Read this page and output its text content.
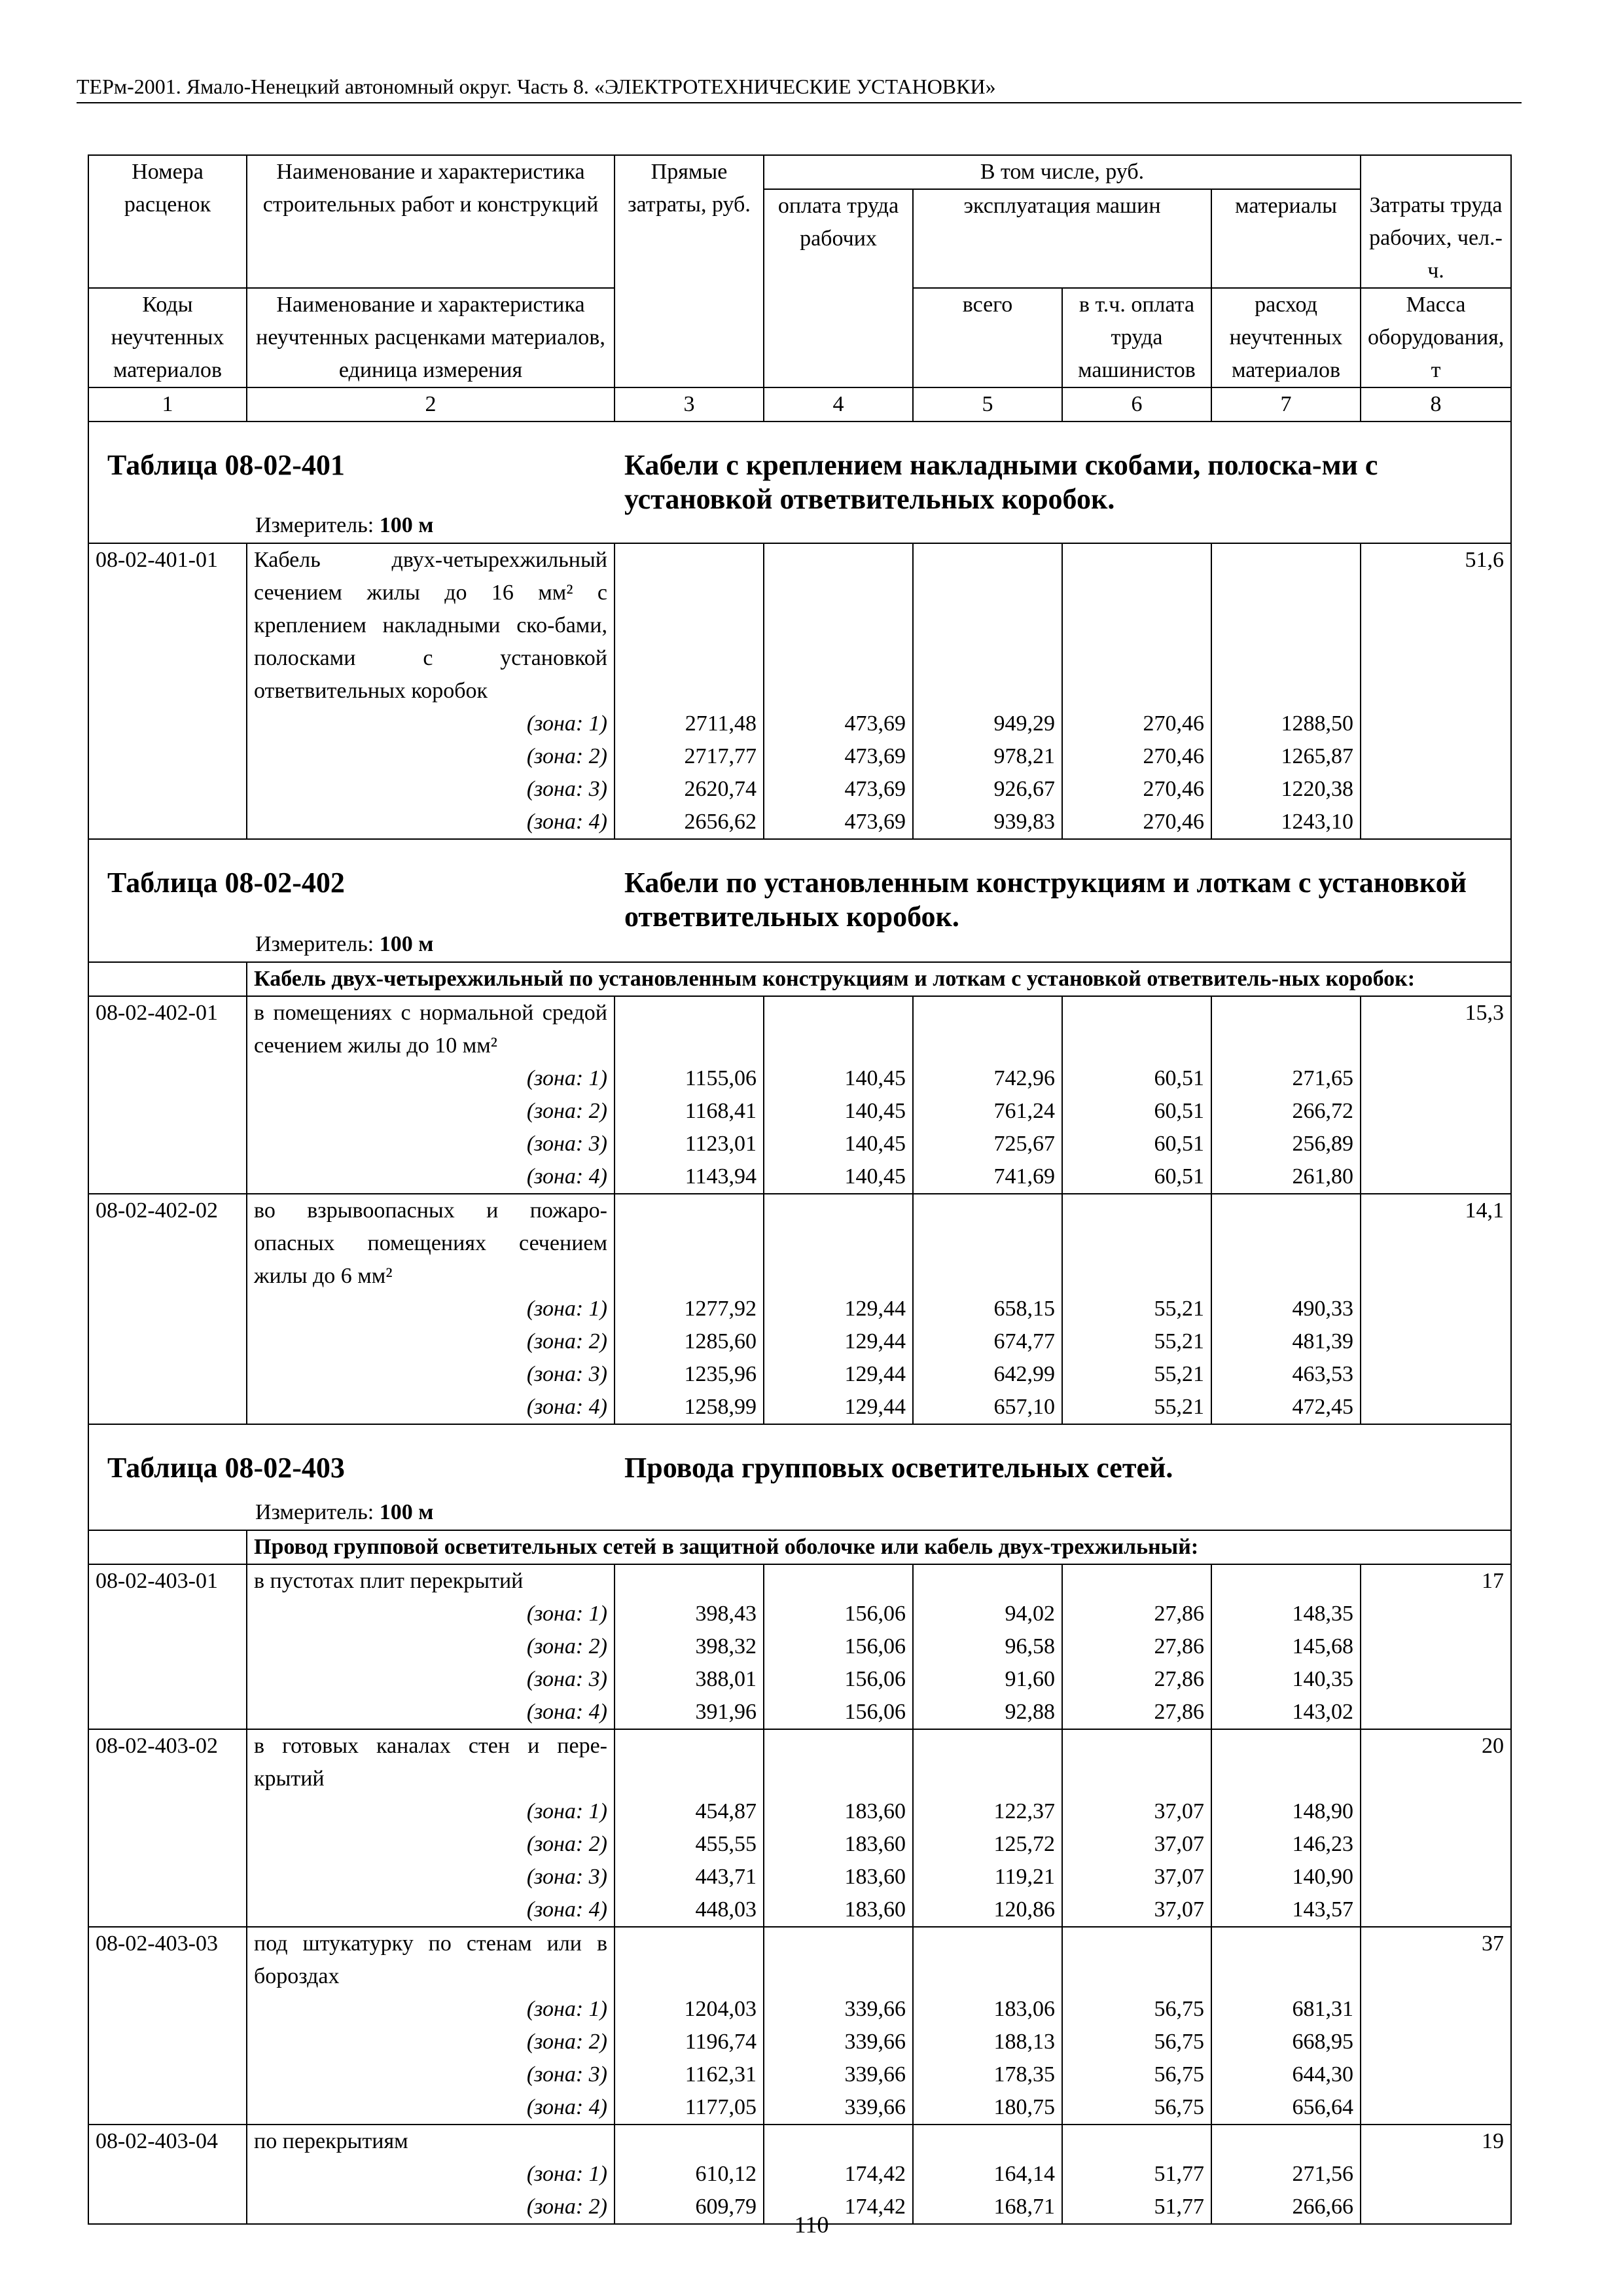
ТЕРм-2001. Ямало-Ненецкий автономный округ. Часть 8. «ЭЛЕКТРОТЕХНИЧЕСКИЕ УСТАНОВКИ»
Номера расценок	Наименование и характеристика строительных работ и конструкций	Прямые затраты, руб.	В том числе, руб.				
			оплата труда рабочих	эксплуатация машин		материалы	Затраты труда рабочих, чел.-ч.
Коды неучтенных материалов	Наименование и характеристика неучтенных расценками материалов, единица измерения			всего	в т.ч. оплата труда машинистов	расход неучтенных материалов	Масса оборудования, т

1	2	3	4	5	6	7	8

Таблица 08-02-401 Кабели с креплением накладными скобами, полоска-ми с установкой ответвительных коробок.
Измеритель: 100 м							

08-02-401-01	Кабель двух-четырехжильный сечением жилы до 16 мм² с креплением накладными ско-бами, полосками с установкой ответвительных коробок						51,6
	(зона: 1)	2711,48	473,69	949,29	270,46	1288,50	
	(зона: 2)	2717,77	473,69	978,21	270,46	1265,87	
	(зона: 3)	2620,74	473,69	926,67	270,46	1220,38	
	(зона: 4)	2656,62	473,69	939,83	270,46	1243,10	

Таблица 08-02-402 Кабели по установленным конструкциям и лоткам с установкой ответвительных коробок.
Измеритель: 100 м							

	Кабель двух-четырехжильный по установленным конструкциям и лоткам с установкой ответвитель-ных коробок:						
08-02-402-01	в помещениях с нормальной средой сечением жилы до 10 мм²						15,3
	(зона: 1)	1155,06	140,45	742,96	60,51	271,65	
	(зона: 2)	1168,41	140,45	761,24	60,51	266,72	
	(зона: 3)	1123,01	140,45	725,67	60,51	256,89	
	(зона: 4)	1143,94	140,45	741,69	60,51	261,80	
08-02-402-02	во взрывоопасных и пожаро-опасных помещениях сечением жилы до 6 мм²						14,1
	(зона: 1)	1277,92	129,44	658,15	55,21	490,33	
	(зона: 2)	1285,60	129,44	674,77	55,21	481,39	
	(зона: 3)	1235,96	129,44	642,99	55,21	463,53	
	(зона: 4)	1258,99	129,44	657,10	55,21	472,45	

Таблица 08-02-403 Провода групповых осветительных сетей.
Измеритель: 100 м							

	Провод групповой осветительных сетей в защитной оболочке или кабель двух-трехжильный:						
08-02-403-01	в пустотах плит перекрытий						17
	(зона: 1)	398,43	156,06	94,02	27,86	148,35	
	(зона: 2)	398,32	156,06	96,58	27,86	145,68	
	(зона: 3)	388,01	156,06	91,60	27,86	140,35	
	(зона: 4)	391,96	156,06	92,88	27,86	143,02	
08-02-403-02	в готовых каналах стен и пере-крытий						20
	(зона: 1)	454,87	183,60	122,37	37,07	148,90	
	(зона: 2)	455,55	183,60	125,72	37,07	146,23	
	(зона: 3)	443,71	183,60	119,21	37,07	140,90	
	(зона: 4)	448,03	183,60	120,86	37,07	143,57	
08-02-403-03	под штукатурку по стенам или в бороздах						37
	(зона: 1)	1204,03	339,66	183,06	56,75	681,31	
	(зона: 2)	1196,74	339,66	188,13	56,75	668,95	
	(зона: 3)	1162,31	339,66	178,35	56,75	644,30	
	(зона: 4)	1177,05	339,66	180,75	56,75	656,64	
08-02-403-04	по перекрытиям						19
	(зона: 1)	610,12	174,42	164,14	51,77	271,56	
	(зона: 2)	609,79	174,42	168,71	51,77	266,66	
110
